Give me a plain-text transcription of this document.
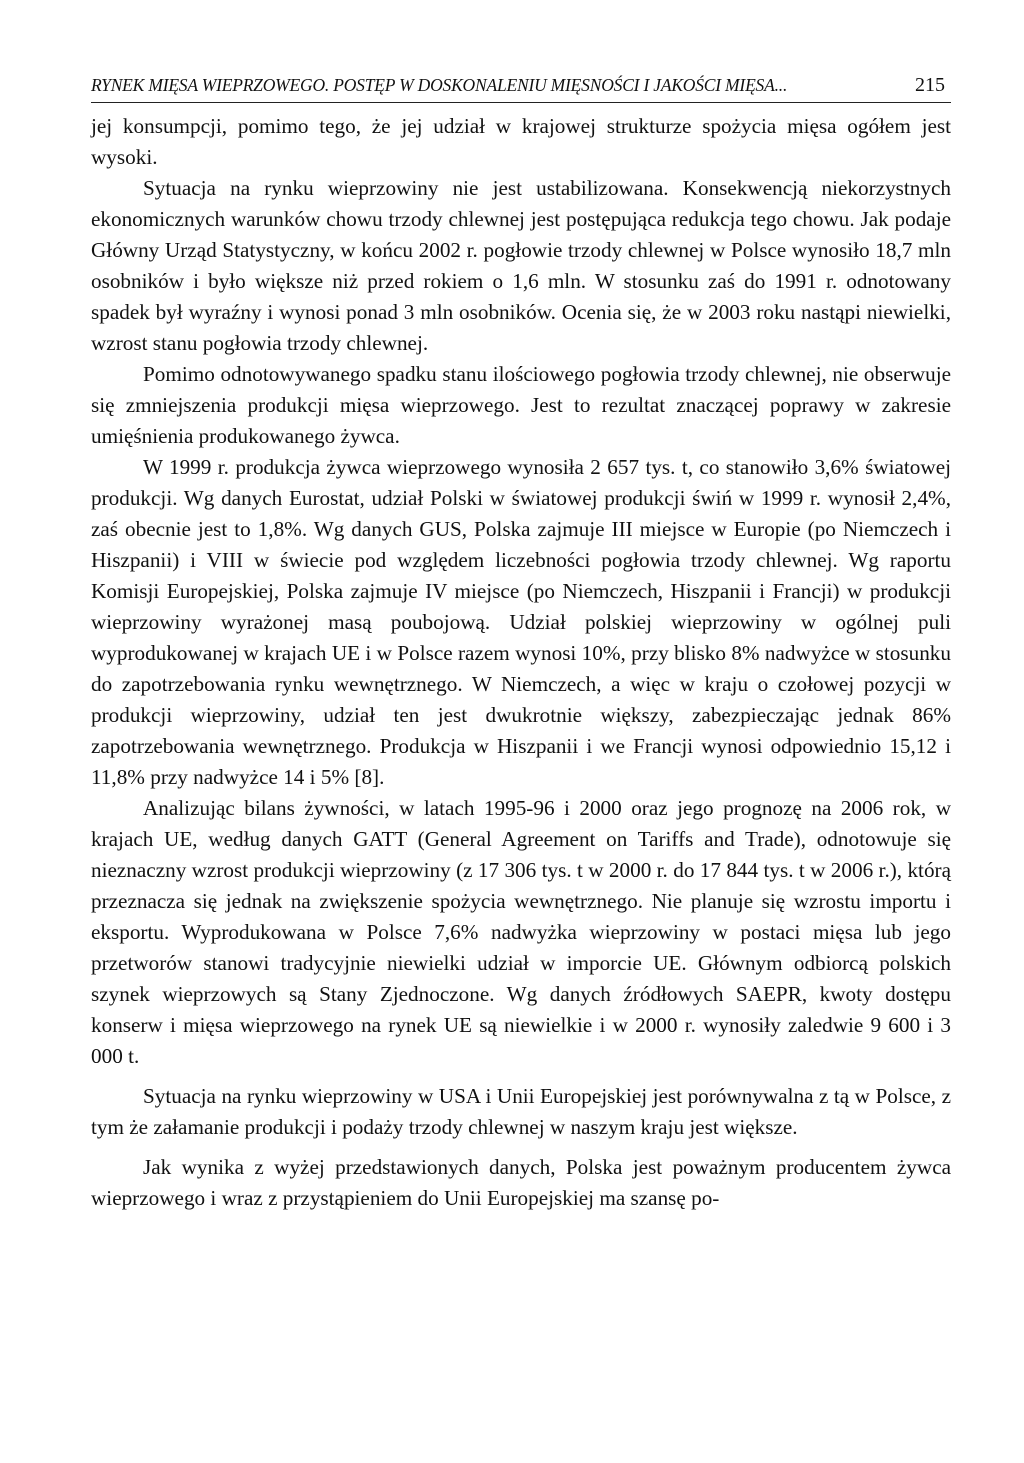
RYNEK MIĘSA WIEPRZOWEGO. POSTĘP W DOSKONALENIU MIĘSNOŚCI I JAKOŚCI MIĘSA...	215

jej konsumpcji, pomimo tego, że jej udział w krajowej strukturze spożycia mięsa ogółem jest wysoki.

Sytuacja na rynku wieprzowiny nie jest ustabilizowana. Konsekwencją niekorzystnych ekonomicznych warunków chowu trzody chlewnej jest postępująca redukcja tego chowu. Jak podaje Główny Urząd Statystyczny, w końcu 2002 r. pogłowie trzody chlewnej w Polsce wynosiło 18,7 mln osobników i było większe niż przed rokiem o 1,6 mln. W stosunku zaś do 1991 r. odnotowany spadek był wyraźny i wynosi ponad 3 mln osobników. Ocenia się, że w 2003 roku nastąpi niewielki, wzrost stanu pogłowia trzody chlewnej.

Pomimo odnotowywanego spadku stanu ilościowego pogłowia trzody chlewnej, nie obserwuje się zmniejszenia produkcji mięsa wieprzowego. Jest to rezultat znaczącej poprawy w zakresie umięśnienia produkowanego żywca.

W 1999 r. produkcja żywca wieprzowego wynosiła 2 657 tys. t, co stanowiło 3,6% światowej produkcji. Wg danych Eurostat, udział Polski w światowej produkcji świń w 1999 r. wynosił 2,4%, zaś obecnie jest to 1,8%. Wg danych GUS, Polska zajmuje III miejsce w Europie (po Niemczech i Hiszpanii) i VIII w świecie pod względem liczebności pogłowia trzody chlewnej. Wg raportu Komisji Europejskiej, Polska zajmuje IV miejsce (po Niemczech, Hiszpanii i Francji) w produkcji wieprzowiny wyrażonej masą poubojową. Udział polskiej wieprzowiny w ogólnej puli wyprodukowanej w krajach UE i w Polsce razem wynosi 10%, przy blisko 8% nadwyżce w stosunku do zapotrzebowania rynku wewnętrznego. W Niemczech, a więc w kraju o czołowej pozycji w produkcji wieprzowiny, udział ten jest dwukrotnie większy, zabezpieczając jednak 86% zapotrzebowania wewnętrznego. Produkcja w Hiszpanii i we Francji wynosi odpowiednio 15,12 i 11,8% przy nadwyżce 14 i 5% [8].

Analizując bilans żywności, w latach 1995-96 i 2000 oraz jego prognozę na 2006 rok, w krajach UE, według danych GATT (General Agreement on Tariffs and Trade), odnotowuje się nieznaczny wzrost produkcji wieprzowiny (z 17 306 tys. t w 2000 r. do 17 844 tys. t w 2006 r.), którą przeznacza się jednak na zwiększenie spożycia wewnętrznego. Nie planuje się wzrostu importu i eksportu. Wyprodukowana w Polsce 7,6% nadwyżka wieprzowiny w postaci mięsa lub jego przetworów stanowi tradycyjnie niewielki udział w imporcie UE. Głównym odbiorcą polskich szynek wieprzowych są Stany Zjednoczone. Wg danych źródłowych SAEPR, kwoty dostępu konserw i mięsa wieprzowego na rynek UE są niewielkie i w 2000 r. wynosiły zaledwie 9 600 i 3 000 t.

Sytuacja na rynku wieprzowiny w USA i Unii Europejskiej jest porównywalna z tą w Polsce, z tym że załamanie produkcji i podaży trzody chlewnej w naszym kraju jest większe.

Jak wynika z wyżej przedstawionych danych, Polska jest poważnym producentem żywca wieprzowego i wraz z przystąpieniem do Unii Europejskiej ma szansę po-
